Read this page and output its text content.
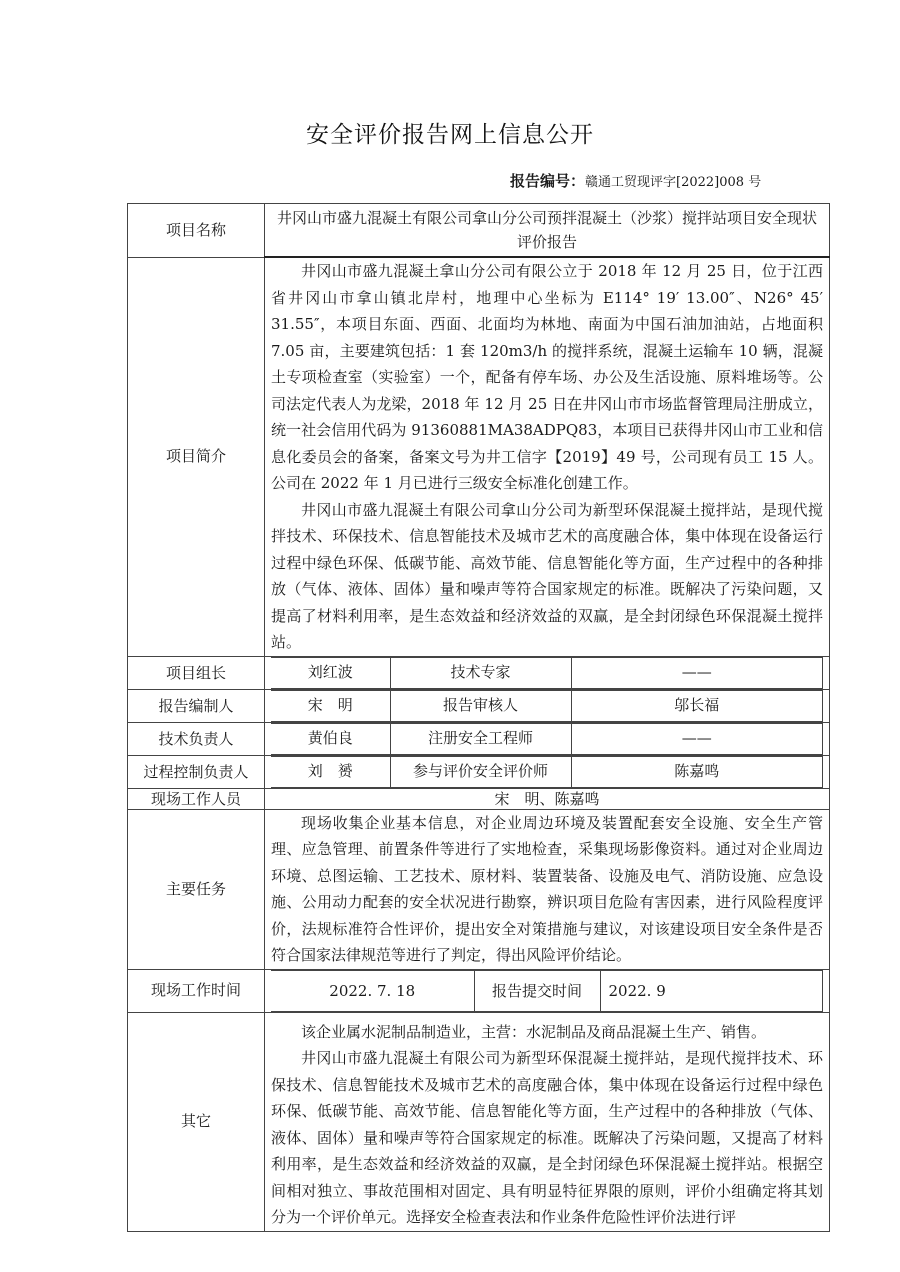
安全评价报告网上信息公开
报告编号：赣通工贸现评字[2022]008 号
项目名称	井冈山市盛九混凝土有限公司拿山分公司预拌混凝土（沙浆）搅拌站项目安全现状评价报告
项目简介	

井冈山市盛九混凝土拿山分公司有限公立于 2018 年 12 月 25 日，位于江西省井冈山市拿山镇北岸村，地理中心坐标为 E114° 19′ 13.00″、N26° 45′ 31.55″，本项目东面、西面、北面均为林地、南面为中国石油加油站，占地面积 7.05 亩，主要建筑包括：1 套 120m3/h 的搅拌系统，混凝土运输车 10 辆，混凝土专项检查室（实验室）一个，配备有停车场、办公及生活设施、原料堆场等。公司法定代表人为龙梁，2018 年 12 月 25 日在井冈山市市场监督管理局注册成立，统一社会信用代码为 91360881MA38ADPQ83，本项目已获得井冈山市工业和信息化委员会的备案，备案文号为井工信字【2019】49 号，公司现有员工 15 人。公司在 2022 年 1 月已进行三级安全标准化创建工作。

井冈山市盛九混凝土有限公司拿山分公司为新型环保混凝土搅拌站，是现代搅拌技术、环保技术、信息智能技术及城市艺术的高度融合体，集中体现在设备运行过程中绿色环保、低碳节能、高效节能、信息智能化等方面，生产过程中的各种排放（气体、液体、固体）量和噪声等符合国家规定的标准。既解决了污染问题，又提高了材料利用率，是生态效益和经济效益的双赢，是全封闭绿色环保混凝土搅拌站。

项目组长		刘红波	技术专家	——

报告编制人		宋　明	报告审核人	邬长福

技术负责人		黄伯良	注册安全工程师	——

过程控制负责人		刘　赟	参与评价安全评价师	陈嘉鸣

现场工作人员	宋　明、陈嘉鸣
主要任务	

现场收集企业基本信息，对企业周边环境及装置配套安全设施、安全生产管理、应急管理、前置条件等进行了实地检查，采集现场影像资料。通过对企业周边环境、总图运输、工艺技术、原材料、装置装备、设施及电气、消防设施、应急设施、公用动力配套的安全状况进行勘察，辨识项目危险有害因素，进行风险程度评价，法规标准符合性评价，提出安全对策措施与建议，对该建设项目安全条件是否符合国家法律规范等进行了判定，得出风险评价结论。

现场工作时间		2022. 7. 18	报告提交时间	2022. 9

其它	

该企业属水泥制品制造业，主营：水泥制品及商品混凝土生产、销售。

井冈山市盛九混凝土有限公司为新型环保混凝土搅拌站，是现代搅拌技术、环保技术、信息智能技术及城市艺术的高度融合体，集中体现在设备运行过程中绿色环保、低碳节能、高效节能、信息智能化等方面，生产过程中的各种排放（气体、液体、固体）量和噪声等符合国家规定的标准。既解决了污染问题，又提高了材料利用率，是生态效益和经济效益的双赢，是全封闭绿色环保混凝土搅拌站。根据空间相对独立、事故范围相对固定、具有明显特征界限的原则，评价小组确定将其划分为一个评价单元。选择安全检查表法和作业条件危险性评价法进行评
